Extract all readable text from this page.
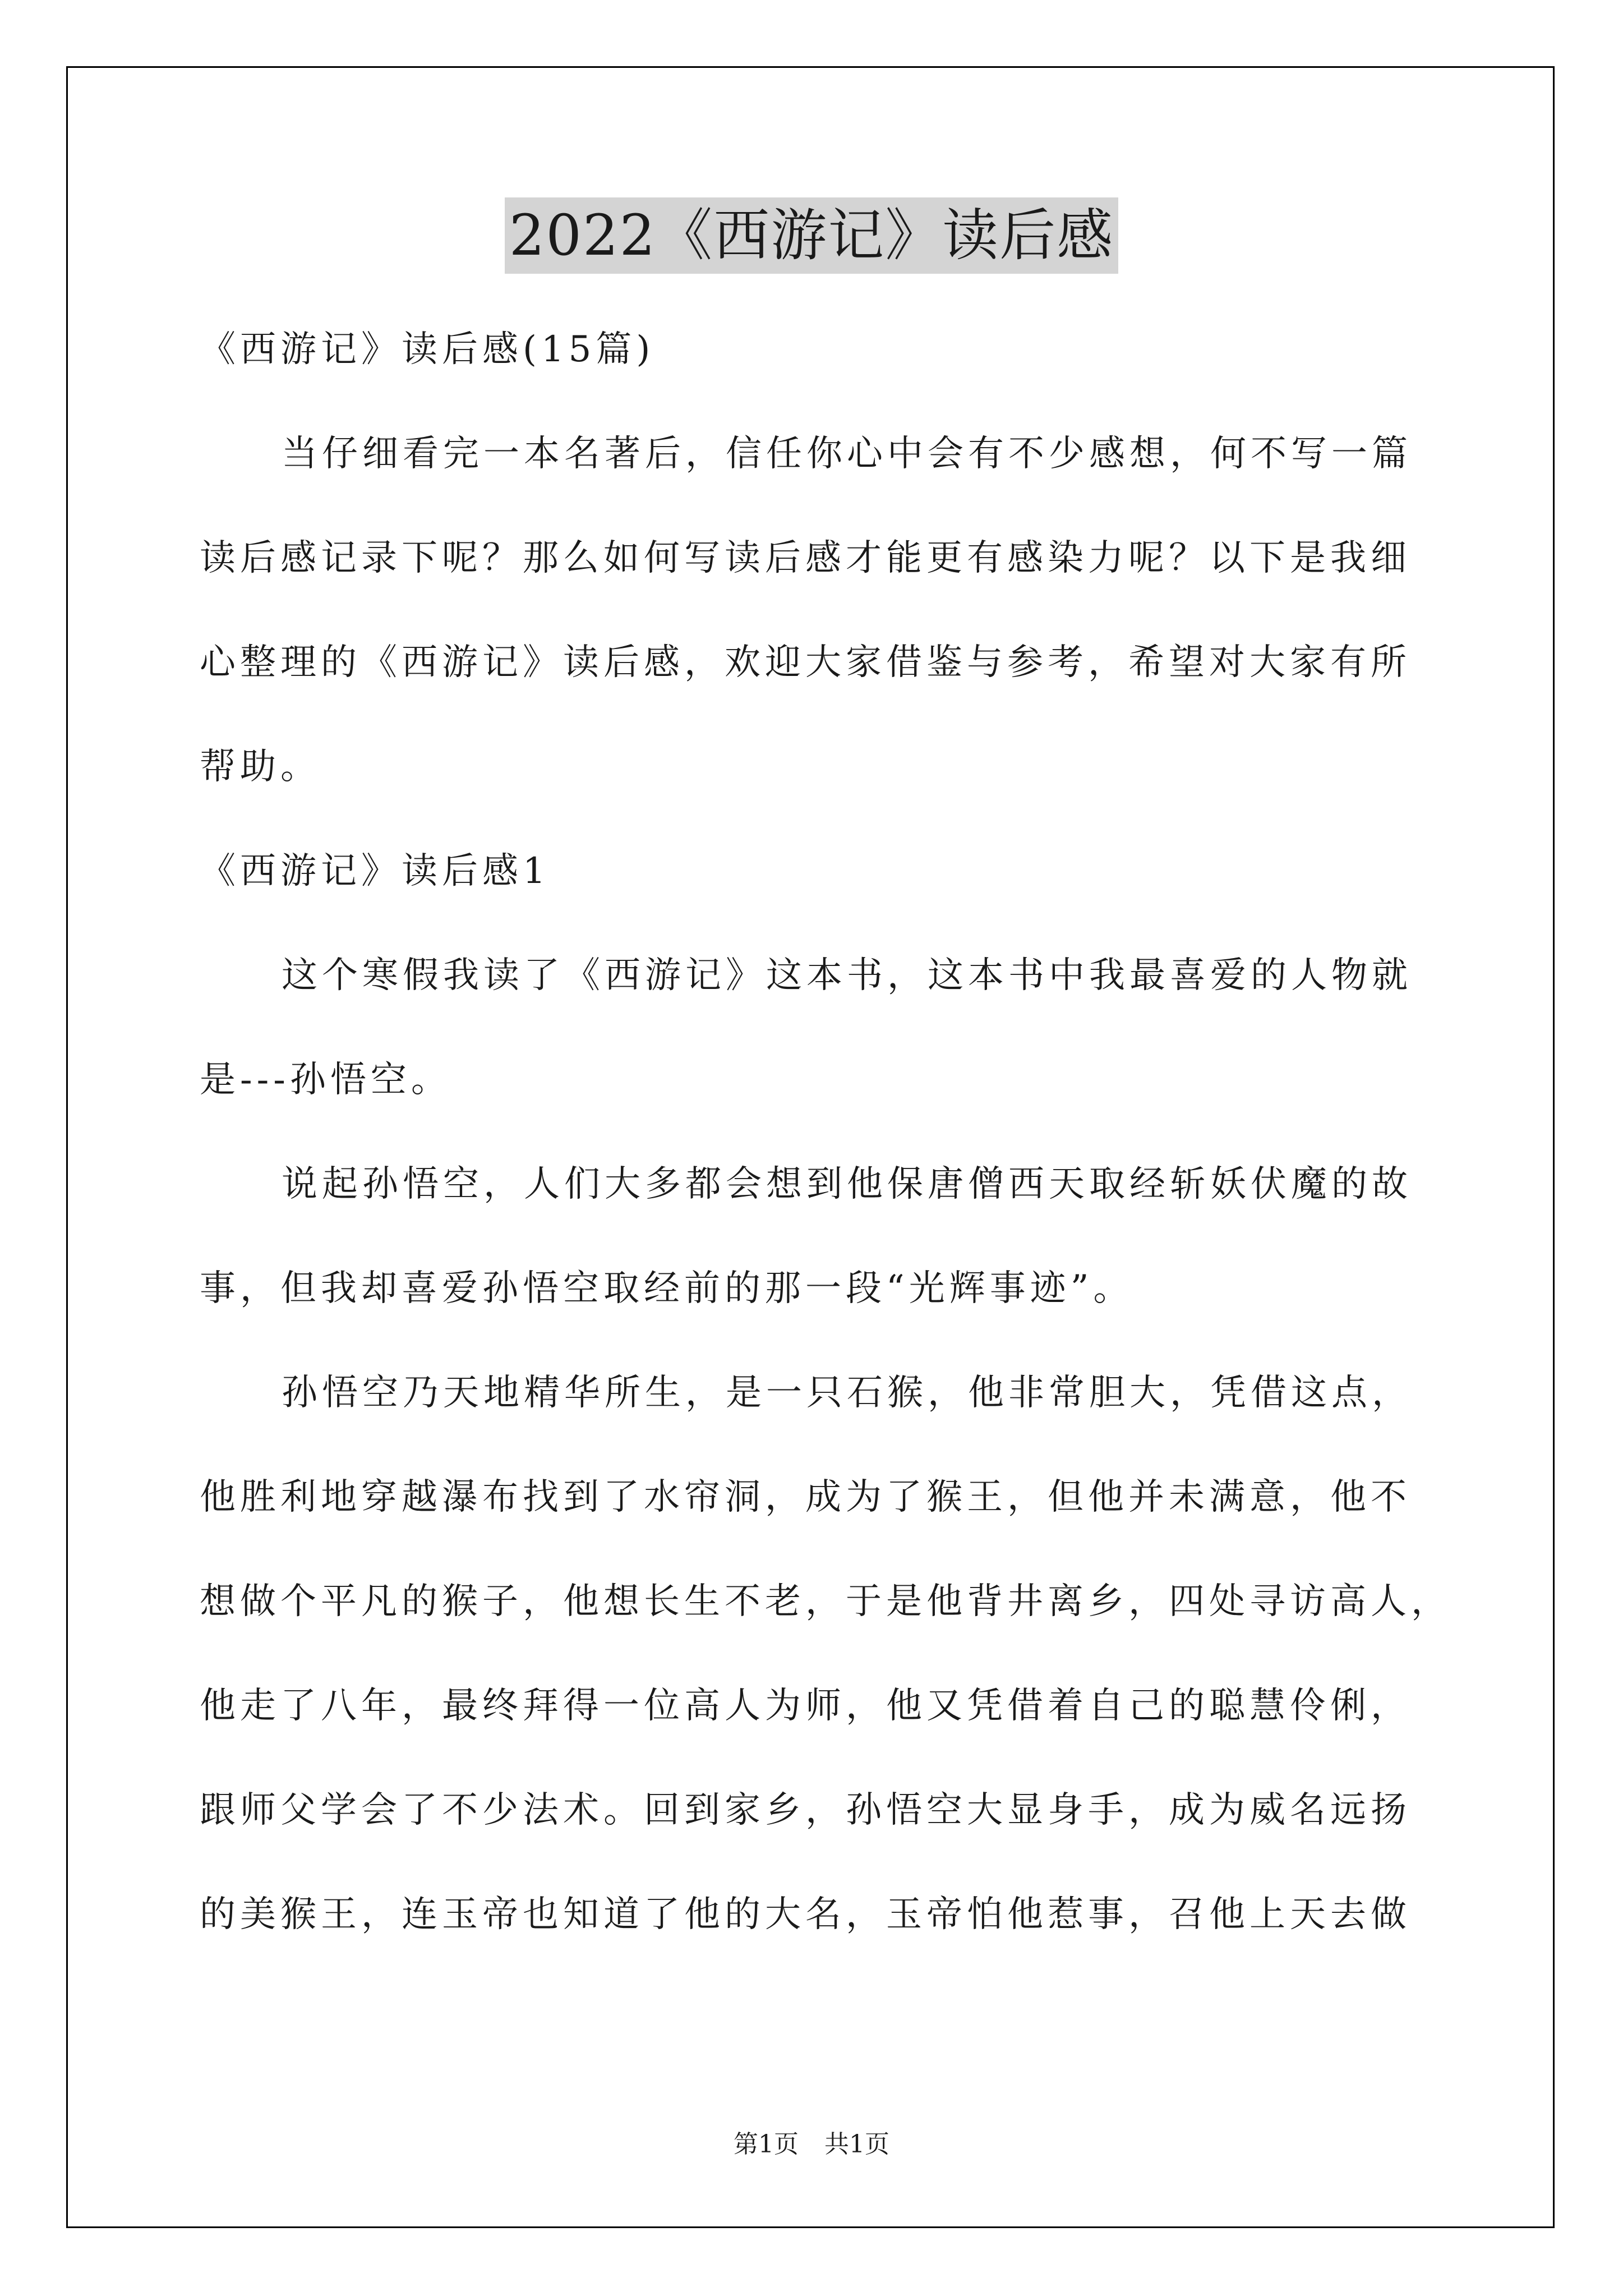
2022《西游记》读后感
《西游记》读后感(15篇)
当仔细看完一本名著后，信任你心中会有不少感想，何不写一篇
读后感记录下呢？那么如何写读后感才能更有感染力呢？以下是我细
心整理的《西游记》读后感，欢迎大家借鉴与参考，希望对大家有所
帮助。
《西游记》读后感1
这个寒假我读了《西游记》这本书，这本书中我最喜爱的人物就
是---孙悟空。
说起孙悟空，人们大多都会想到他保唐僧西天取经斩妖伏魔的故
事，但我却喜爱孙悟空取经前的那一段“光辉事迹”。
孙悟空乃天地精华所生，是一只石猴，他非常胆大，凭借这点，
他胜利地穿越瀑布找到了水帘洞，成为了猴王，但他并未满意，他不
想做个平凡的猴子，他想长生不老，于是他背井离乡，四处寻访高人，
他走了八年，最终拜得一位高人为师，他又凭借着自己的聪慧伶俐，
跟师父学会了不少法术。回到家乡，孙悟空大显身手，成为威名远扬
的美猴王，连玉帝也知道了他的大名，玉帝怕他惹事，召他上天去做
第1页 共1页
